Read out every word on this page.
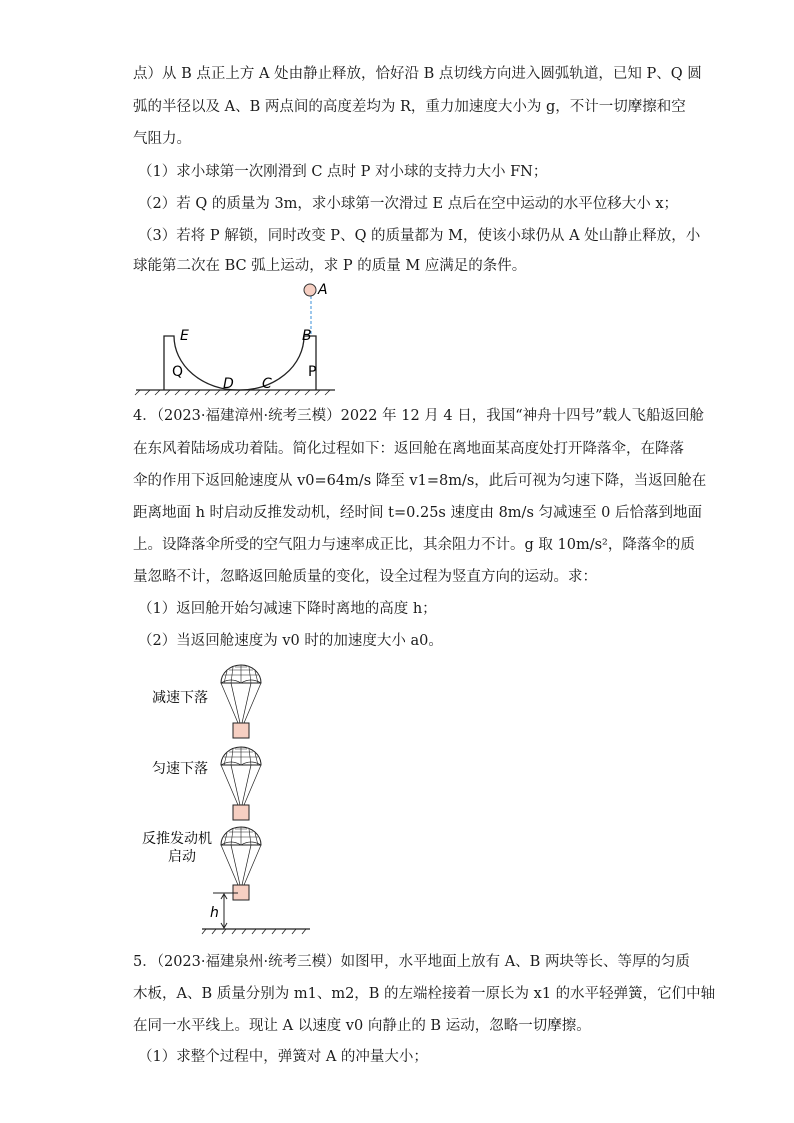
点）从 B 点正上方 A 处由静止释放，恰好沿 B 点切线方向进入圆弧轨道，已知 P、Q 圆
弧的半径以及 A、B 两点间的高度差均为 R，重力加速度大小为 g，不计一切摩擦和空
气阻力。
（1）求小球第一次刚滑到 C 点时 P 对小球的支持力大小 FN；
（2）若 Q 的质量为 3m，求小球第一次滑过 E 点后在空中运动的水平位移大小 x；
（3）若将 P 解锁，同时改变 P、Q 的质量都为 M，使该小球仍从 A 处山静止释放，小
球能第二次在 BC 弧上运动，求 P 的质量 M 应满足的条件。
A
B
E
D C
Q	P
4．（2023·福建漳州·统考三模）2022 年 12 月 4 日，我国“神舟十四号”载人飞船返回舱
在东风着陆场成功着陆。简化过程如下：返回舱在离地面某高度处打开降落伞，在降落
伞的作用下返回舱速度从 v0=64m/s 降至 v1=8m/s，此后可视为匀速下降，当返回舱在
距离地面 h 时启动反推发动机，经时间 t=0.25s 速度由 8m/s 匀减速至 0 后恰落到地面
上。设降落伞所受的空气阻力与速率成正比，其余阻力不计。g 取 10m/s²，降落伞的质
量忽略不计，忽略返回舱质量的变化，设全过程为竖直方向的运动。求：
（1）返回舱开始匀减速下降时离地的高度 h；
（2）当返回舱速度为 v0 时的加速度大小 a0。
减速下落
匀速下落
反推发动机
启动
h
5．（2023·福建泉州·统考三模）如图甲，水平地面上放有 A、B 两块等长、等厚的匀质
木板，A、B 质量分别为 m1、m2，B 的左端栓接着一原长为 x1 的水平轻弹簧，它们中轴
在同一水平线上。现让 A 以速度 v0 向静止的 B 运动，忽略一切摩擦。
（1）求整个过程中，弹簧对 A 的冲量大小；
